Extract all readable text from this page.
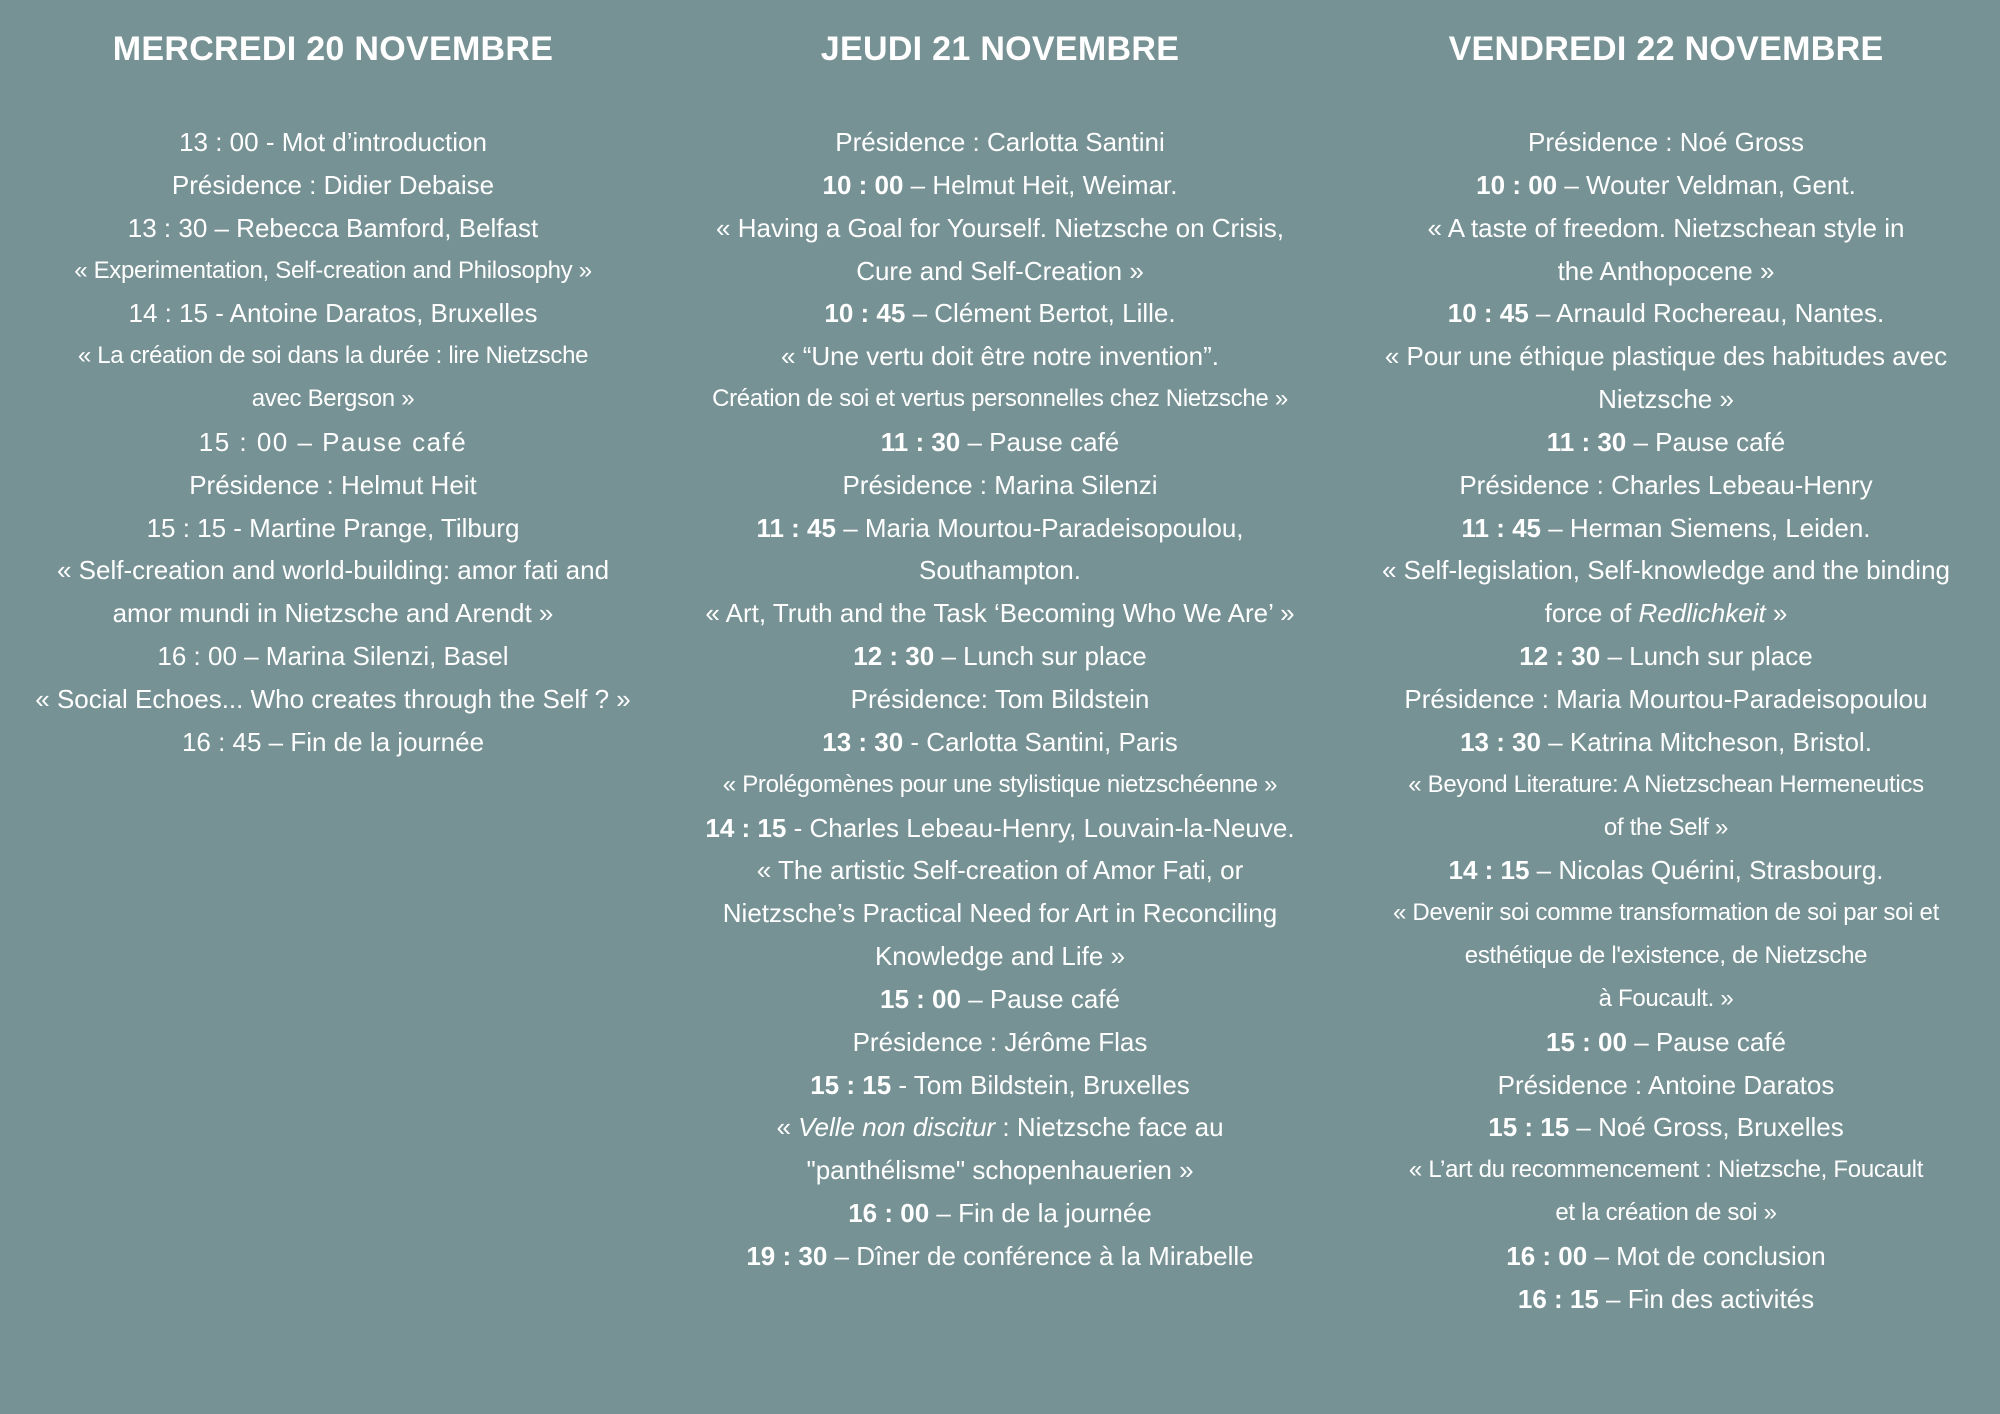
MERCREDI 20 NOVEMBRE
13 : 00 - Mot d’introduction
Présidence : Didier Debaise
13 : 30 – Rebecca Bamford, Belfast
« Experimentation, Self-creation and Philosophy »
14 : 15 - Antoine Daratos, Bruxelles
« La création de soi dans la durée : lire Nietzsche
avec Bergson »
15 : 00 – Pause café
Présidence : Helmut Heit
15 : 15 - Martine Prange, Tilburg
« Self-creation and world-building: amor fati and
amor mundi in Nietzsche and Arendt »
16 : 00 – Marina Silenzi, Basel
« Social Echoes... Who creates through the Self ? »
16 : 45 – Fin de la journée
JEUDI 21 NOVEMBRE
Présidence : Carlotta Santini
10 : 00 – Helmut Heit, Weimar.
« Having a Goal for Yourself. Nietzsche on Crisis,
Cure and Self-Creation »
10 : 45 – Clément Bertot, Lille.
« “Une vertu doit être notre invention”.
Création de soi et vertus personnelles chez Nietzsche »
11 : 30 – Pause café
Présidence : Marina Silenzi
11 : 45 – Maria Mourtou-Paradeisopoulou,
Southampton.
« Art, Truth and the Task ‘Becoming Who We Are’ »
12 : 30 – Lunch sur place
Présidence: Tom Bildstein
13 : 30 - Carlotta Santini, Paris
« Prolégomènes pour une stylistique nietzschéenne »
14 : 15 - Charles Lebeau-Henry, Louvain-la-Neuve.
« The artistic Self-creation of Amor Fati, or
Nietzsche’s Practical Need for Art in Reconciling
Knowledge and Life »
15 : 00 – Pause café
Présidence : Jérôme Flas
15 : 15 - Tom Bildstein, Bruxelles
« Velle non discitur : Nietzsche face au
"panthélisme" schopenhauerien »
16 : 00 – Fin de la journée
19 : 30 – Dîner de conférence à la Mirabelle
VENDREDI 22 NOVEMBRE
Présidence : Noé Gross
10 : 00 – Wouter Veldman, Gent.
« A taste of freedom. Nietzschean style in
the Anthopocene »
10 : 45 – Arnauld Rochereau, Nantes.
« Pour une éthique plastique des habitudes avec
Nietzsche »
11 : 30 – Pause café
Présidence : Charles Lebeau-Henry
11 : 45 – Herman Siemens, Leiden.
« Self-legislation, Self-knowledge and the binding
force of Redlichkeit »
12 : 30 – Lunch sur place
Présidence : Maria Mourtou-Paradeisopoulou
13 : 30 – Katrina Mitcheson, Bristol.
« Beyond Literature: A Nietzschean Hermeneutics
of the Self »
14 : 15 – Nicolas Quérini, Strasbourg.
« Devenir soi comme transformation de soi par soi et
esthétique de l'existence, de Nietzsche
à Foucault. »
15 : 00 – Pause café
Présidence : Antoine Daratos
15 : 15 – Noé Gross, Bruxelles
« L’art du recommencement : Nietzsche, Foucault
et la création de soi »
16 : 00 – Mot de conclusion
16 : 15 – Fin des activités
